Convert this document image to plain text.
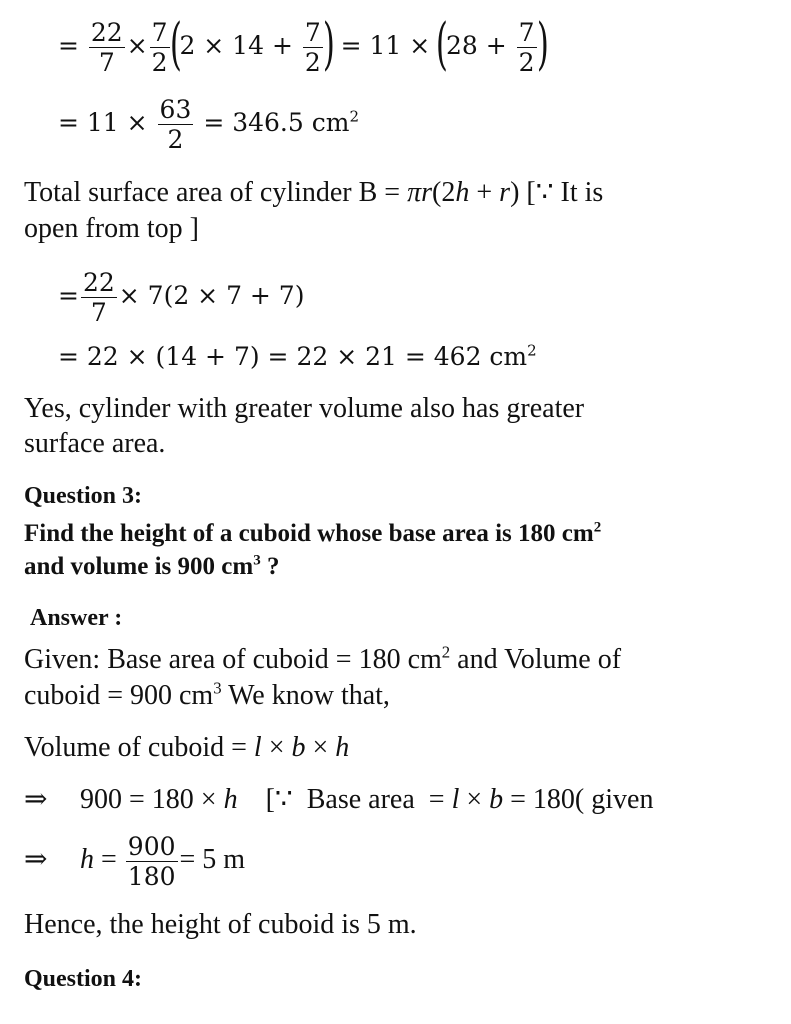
= $\frac{22}{7} \times \frac{7}{2} (2 \times 14 + \frac{7}{2}$ ) = $11 \times (28 + \frac{7}{2}$ )
= $11 \times \frac{63}{2} = 346.5$ $cm^2$
Total surface area of cylinder B = πr(2h + r) [∵ It is
open from top ]
= $\frac{22}{7} \times 7(2 \times 7 + 7)$
= 22 × (14 + 7) = 22 × 21 = 462 $cm^2$
Yes, cylinder with greater volume also has greater
surface area.
Question 3:
Find the height of a cuboid whose base area is 180 $cm^2$
and volume is 900 $cm^3$ ?
Answer :
Given: Base area of cuboid = 180 $cm^2$ and Volume of
cuboid = 900 $cm^3$ We know that,
Volume of cuboid = l × b × h
⇒ 900 = 180 × h    [∵  Base area  = l × b = 180( given
⇒ $h = \frac{900}{180} = 5$ m
Hence, the height of cuboid is 5 m.
Question 4:
